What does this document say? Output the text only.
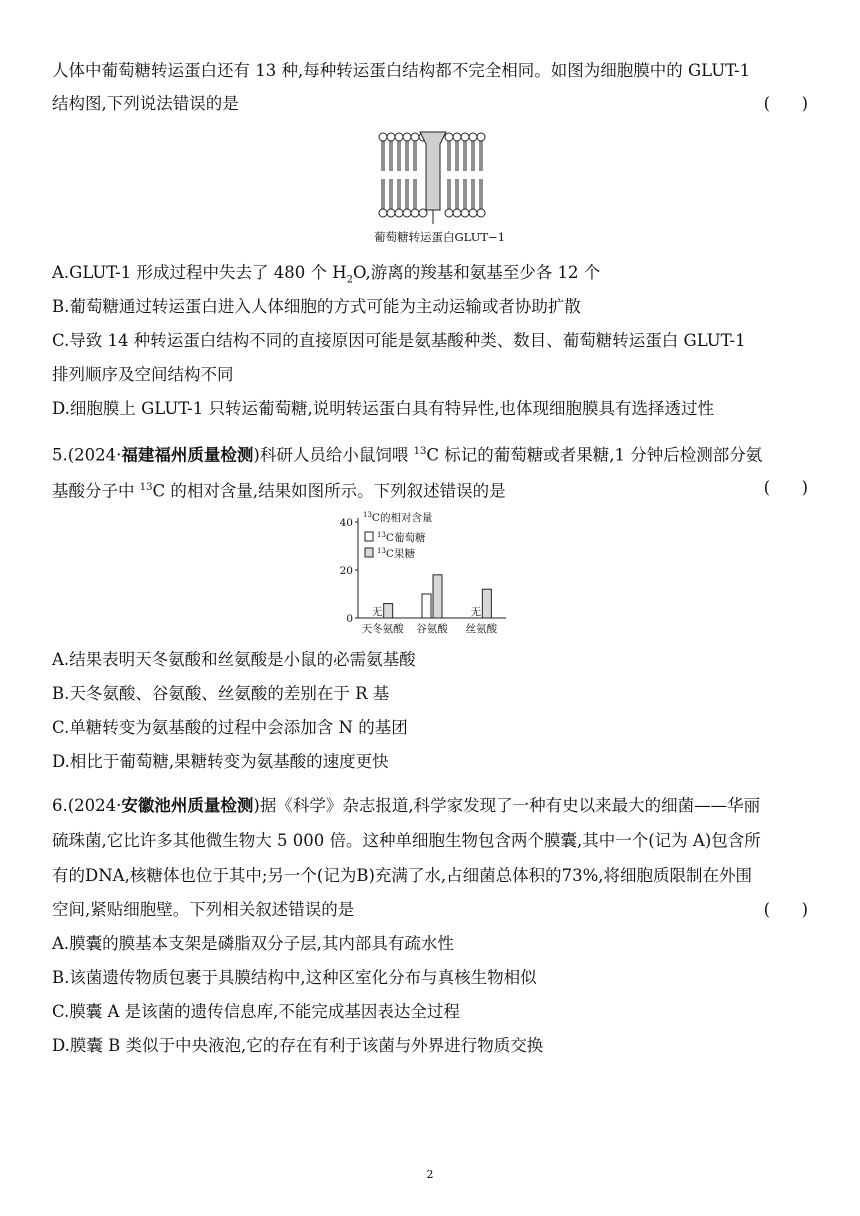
人体中葡萄糖转运蛋白还有 13 种,每种转运蛋白结构都不完全相同。如图为细胞膜中的 GLUT-1
结构图,下列说法错误的是	(      )
葡萄糖转运蛋白GLUT−1
A.GLUT-1 形成过程中失去了 480 个 $H_2O$,游离的羧基和氨基至少各 12 个
B.葡萄糖通过转运蛋白进入人体细胞的方式可能为主动运输或者协助扩散
C.导致 14 种转运蛋白结构不同的直接原因可能是氨基酸种类、数目、葡萄糖转运蛋白 GLUT-1
排列顺序及空间结构不同
D.细胞膜上 GLUT-1 只转运葡萄糖,说明转运蛋白具有特异性,也体现细胞膜具有选择透过性
5.(2024·福建福州质量检测)科研人员给小鼠饲喂 $^{13}$C 标记的葡萄糖或者果糖,1 分钟后检测部分氨
基酸分子中 $^{13}$C 的相对含量,结果如图所示。下列叙述错误的是	(      )
0
20
40
$^{13}$C的相对含量
$^{13}$C葡萄糖
$^{13}$C果糖
无
天冬氨酸 谷氨酸
无
丝氨酸
A.结果表明天冬氨酸和丝氨酸是小鼠的必需氨基酸
B.天冬氨酸、谷氨酸、丝氨酸的差别在于 R 基
C.单糖转变为氨基酸的过程中会添加含 N 的基团
D.相比于葡萄糖,果糖转变为氨基酸的速度更快
6.(2024·安徽池州质量检测)据《科学》杂志报道,科学家发现了一种有史以来最大的细菌——华丽
硫珠菌,它比许多其他微生物大 5 000 倍。这种单细胞生物包含两个膜囊,其中一个(记为 A)包含所
有的DNA,核糖体也位于其中;另一个(记为B)充满了水,占细菌总体积的73%,将细胞质限制在外围
空间,紧贴细胞壁。下列相关叙述错误的是	(      )
A.膜囊的膜基本支架是磷脂双分子层,其内部具有疏水性
B.该菌遗传物质包裹于具膜结构中,这种区室化分布与真核生物相似
C.膜囊 A 是该菌的遗传信息库,不能完成基因表达全过程
D.膜囊 B 类似于中央液泡,它的存在有利于该菌与外界进行物质交换
2
